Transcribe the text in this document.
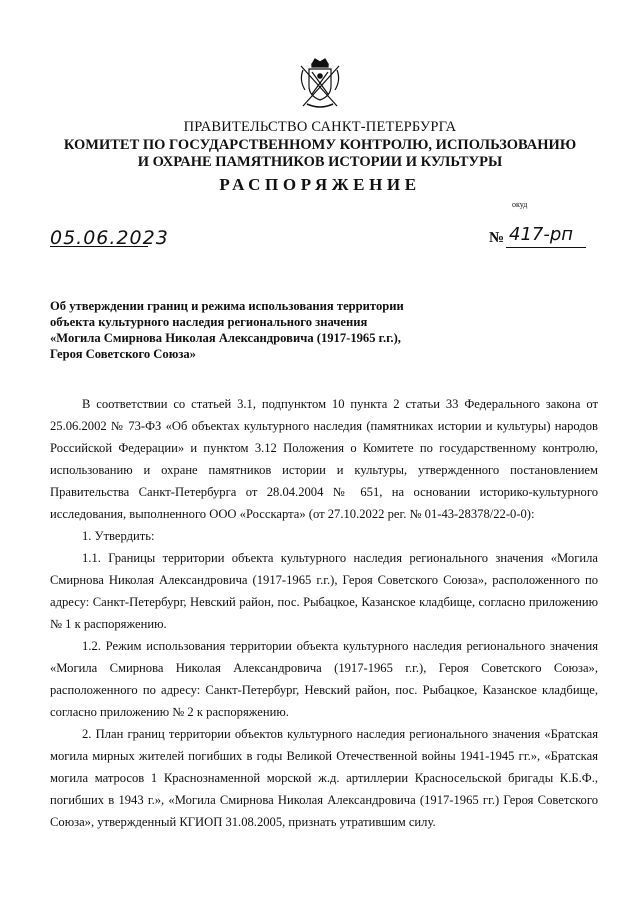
ПРАВИТЕЛЬСТВО САНКТ-ПЕТЕРБУРГА
КОМИТЕТ ПО ГОСУДАРСТВЕННОМУ КОНТРОЛЮ, ИСПОЛЬЗОВАНИЮ
И ОХРАНЕ ПАМЯТНИКОВ ИСТОРИИ И КУЛЬТУРЫ
РАСПОРЯЖЕНИЕ
окуд
05.06.2023	№ 417-рп
Об утверждении границ и режима использования территории
объекта культурного наследия регионального значения
«Могила Смирнова Николая Александровича (1917-1965 г.г.),
Героя Советского Союза»

В соответствии со статьей 3.1, подпунктом 10 пункта 2 статьи 33 Федерального закона от 25.06.2002 № 73-ФЗ «Об объектах культурного наследия (памятниках истории и культуры) народов Российской Федерации» и пунктом 3.12 Положения о Комитете по государственному контролю, использованию и охране памятников истории и культуры, утвержденного постановлением Правительства Санкт-Петербурга от 28.04.2004 № 651, на основании историко-культурного исследования, выполненного ООО «Росскарта» (от 27.10.2022 рег. № 01-43-28378/22-0-0):

1. Утвердить:

1.1. Границы территории объекта культурного наследия регионального значения «Могила Смирнова Николая Александровича (1917-1965 г.г.), Героя Советского Союза», расположенного по адресу: Санкт-Петербург, Невский район, пос. Рыбацкое, Казанское кладбище, согласно приложению № 1 к распоряжению.

1.2. Режим использования территории объекта культурного наследия регионального значения «Могила Смирнова Николая Александровича (1917-1965 г.г.), Героя Советского Союза», расположенного по адресу: Санкт-Петербург, Невский район, пос. Рыбацкое, Казанское кладбище, согласно приложению № 2 к распоряжению.

2. План границ территории объектов культурного наследия регионального значения «Братская могила мирных жителей погибших в годы Великой Отечественной войны 1941-1945 гг.», «Братская могила матросов 1 Краснознаменной морской ж.д. артиллерии Красносельской бригады К.Б.Ф., погибших в 1943 г.», «Могила Смирнова Николая Александровича (1917-1965 гг.) Героя Советского Союза», утвержденный КГИОП 31.08.2005, признать утратившим силу.
